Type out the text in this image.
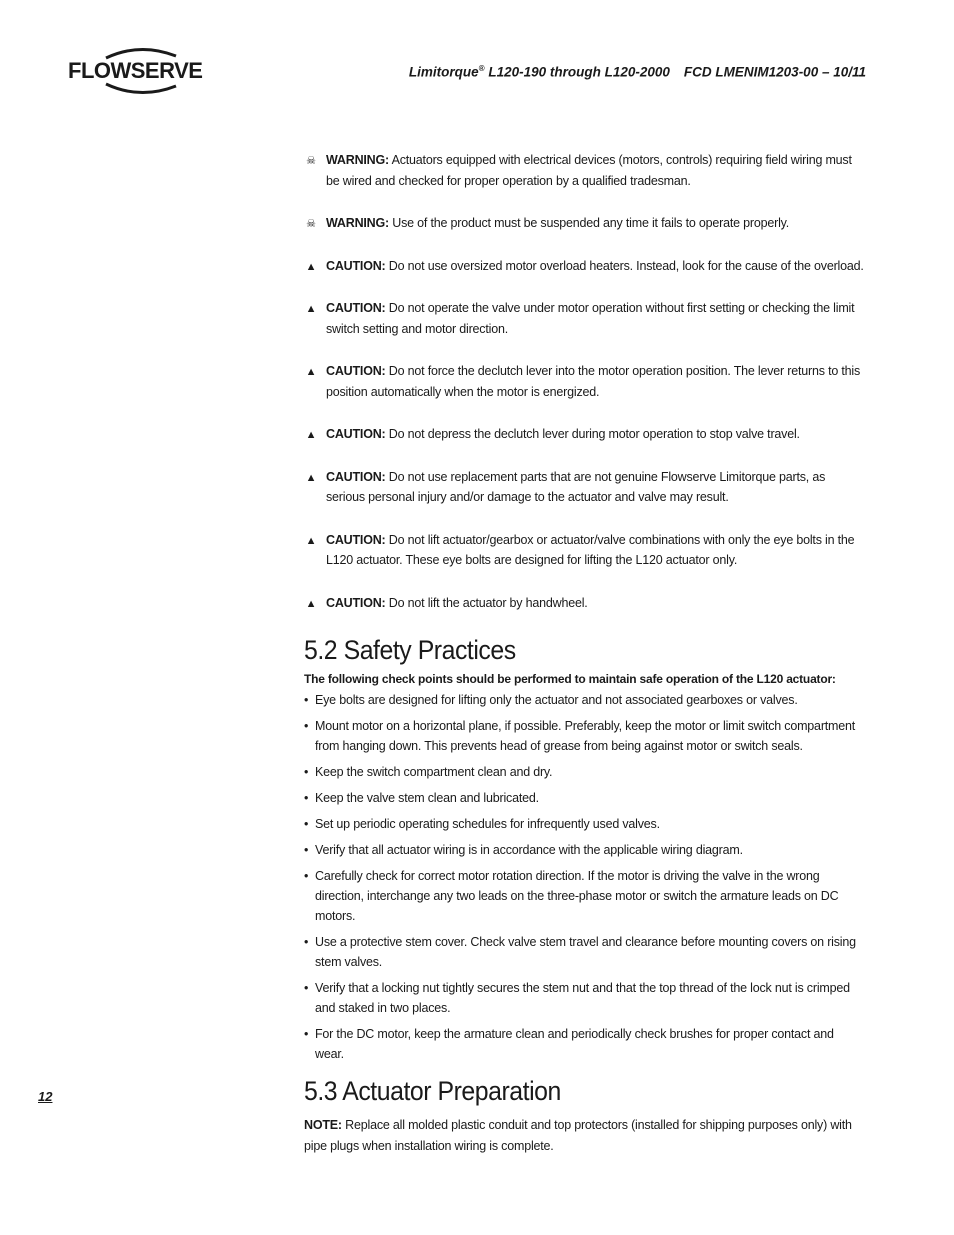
FLOWSERVE	Limitorque® L120-190 through L120-2000 FCD LMENIM1203-00 – 10/11
☠ WARNING: Actuators equipped with electrical devices (motors, controls) requiring field wiring must be wired and checked for proper operation by a qualified tradesman.
☠ WARNING: Use of the product must be suspended any time it fails to operate properly.
▲ CAUTION: Do not use oversized motor overload heaters. Instead, look for the cause of the overload.
▲ CAUTION: Do not operate the valve under motor operation without first setting or checking the limit switch setting and motor direction.
▲ CAUTION: Do not force the declutch lever into the motor operation position. The lever returns to this position automatically when the motor is energized.
▲ CAUTION: Do not depress the declutch lever during motor operation to stop valve travel.
▲ CAUTION: Do not use replacement parts that are not genuine Flowserve Limitorque parts, as serious personal injury and/or damage to the actuator and valve may result.
▲ CAUTION: Do not lift actuator/gearbox or actuator/valve combinations with only the eye bolts in the L120 actuator. These eye bolts are designed for lifting the L120 actuator only.
▲ CAUTION: Do not lift the actuator by handwheel.
5.2 Safety Practices
The following check points should be performed to maintain safe operation of the L120 actuator:
• Eye bolts are designed for lifting only the actuator and not associated gearboxes or valves.
• Mount motor on a horizontal plane, if possible. Preferably, keep the motor or limit switch compartment from hanging down. This prevents head of grease from being against motor or switch seals.
• Keep the switch compartment clean and dry.
• Keep the valve stem clean and lubricated.
• Set up periodic operating schedules for infrequently used valves.
• Verify that all actuator wiring is in accordance with the applicable wiring diagram.
• Carefully check for correct motor rotation direction. If the motor is driving the valve in the wrong direction, interchange any two leads on the three-phase motor or switch the armature leads on DC motors.
• Use a protective stem cover. Check valve stem travel and clearance before mounting covers on rising stem valves.
• Verify that a locking nut tightly secures the stem nut and that the top thread of the lock nut is crimped and staked in two places.
• For the DC motor, keep the armature clean and periodically check brushes for proper contact and wear.
5.3 Actuator Preparation
NOTE: Replace all molded plastic conduit and top protectors (installed for shipping purposes only) with pipe plugs when installation wiring is complete.
12
